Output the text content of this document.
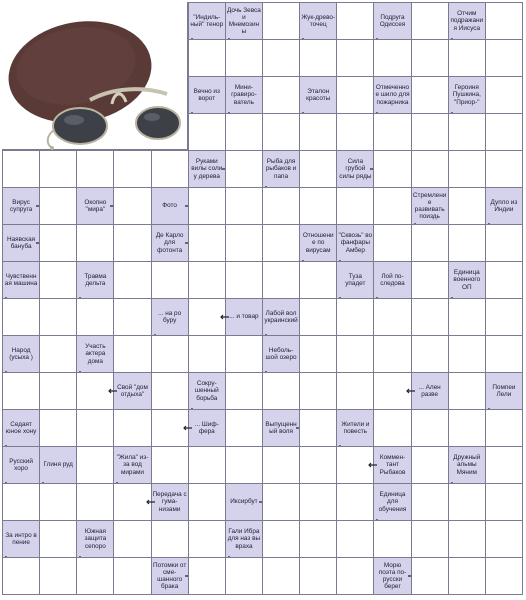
"Индиль-ный" тенор
Дочь Зевса и Мнемозины
Жук-древо-точец
Подруга Одиссея
Отчим подражания Иисуса
Вечно из ворот
Мини-гравиро-ватель
Эталон красоты
Отмеченное шило для пожарника
Героиня Пушкина, "Приор-"
Руками вилы соли у дерева
Рыба для рыбаков и папа
Сила грубой силы ряды
Вирус супруга
Окопно "мира"
Фото
Стремление развивать поиздь
Дупло из Индии
Наявская бануба
Де Карло для фотонта
Отношение по вирусам
"Сквозь" во фанфары Амбер
Чувственная машина
Травма дельта
Туза упадет
Лой по-следова
Единица военного ОП
... на ро буру
... и товар
Лабой вол украинский
Народ (усыха )
Участь актера дома
Неболь-шой озеро
Свой "дом отдыха"
Сокру-шенный борьба
... Ален разве
Помпеи Лели
Седаят юное хону
... Шиф-фера
Выпущенный воля
Жители и повесть
Русский хоро
Глиня руд
"Жила" из-за вод мирами
Коммен-тант Рыбаков
Дружный альмы Мяним
Передача с гума-низами
Иксирбут
Единица для обучения
За интро в пение
Южная защита сепоро
Гали Ибра для наз вы враха
Потомки от сме-шанного брака
Морю поэта по-русски берег
